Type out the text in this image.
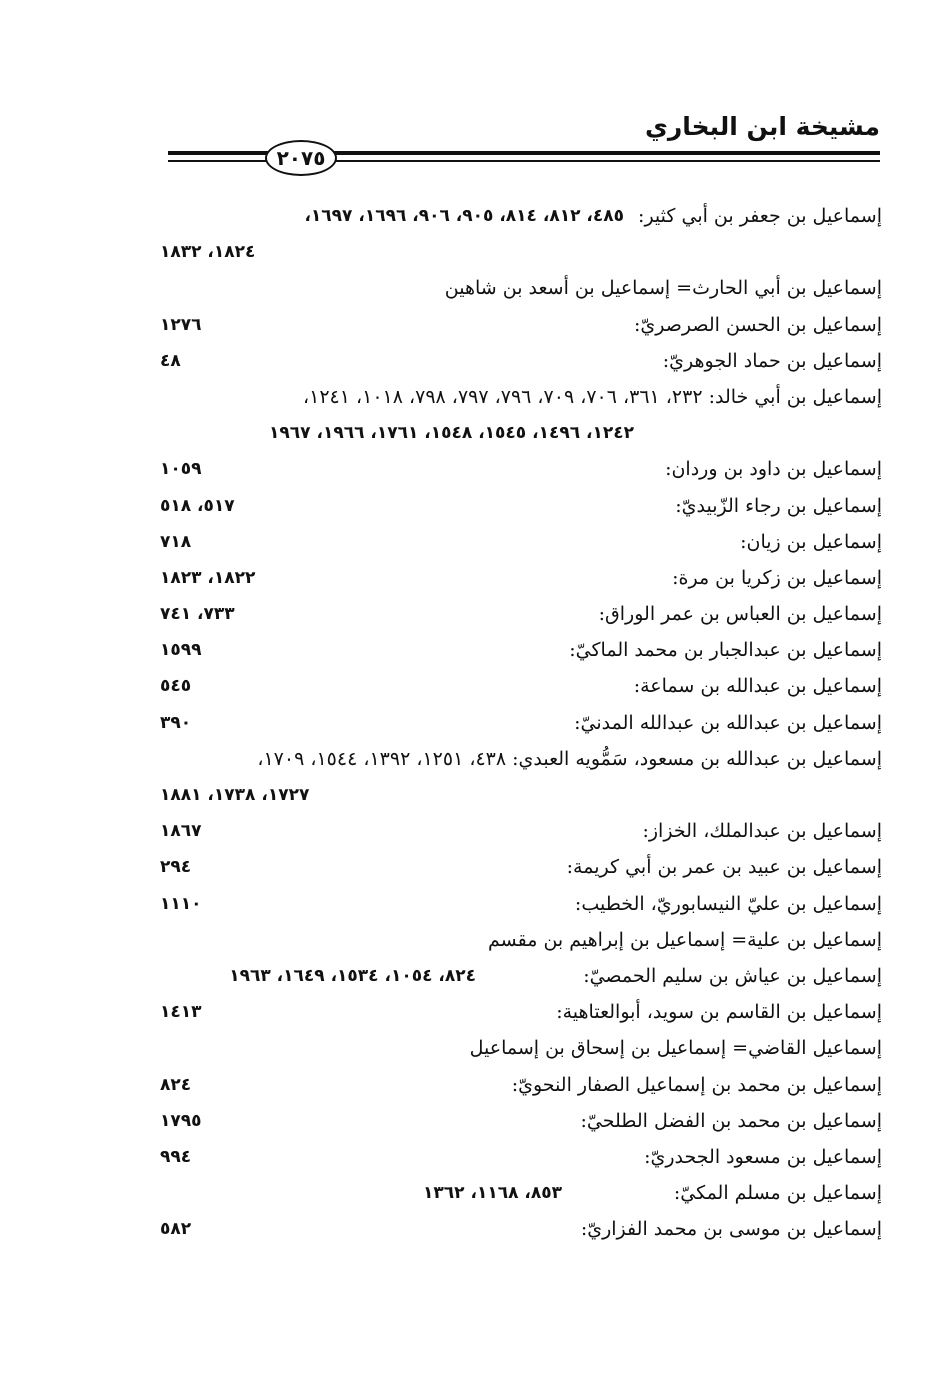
مشيخة ابن البخاري
٢٠٧٥
إسماعيل بن جعفر بن أبي كثير:
٤٨٥، ٨١٢، ٨١٤، ٩٠٥، ٩٠٦، ١٦٩٦، ١٦٩٧،
١٨٢٤، ١٨٣٢
إسماعيل بن أبي الحارث= إسماعيل بن أسعد بن شاهين
إسماعيل بن الحسن الصرصريّ:
١٢٧٦
إسماعيل بن حماد الجوهريّ:
٤٨
إسماعيل بن أبي خالد: ٢٣٢، ٣٦١، ٧٠٦، ٧٠٩، ٧٩٦، ٧٩٧، ٧٩٨، ١٠١٨، ١٢٤١،
١٢٤٢، ١٤٩٦، ١٥٤٥، ١٥٤٨، ١٧٦١، ١٩٦٦، ١٩٦٧
إسماعيل بن داود بن وردان:
١٠٥٩
إسماعيل بن رجاء الزّبيديّ:
٥١٧، ٥١٨
إسماعيل بن زيان:
٧١٨
إسماعيل بن زكريا بن مرة:
١٨٢٢، ١٨٢٣
إسماعيل بن العباس بن عمر الوراق:
٧٣٣، ٧٤١
إسماعيل بن عبدالجبار بن محمد الماكيّ:
١٥٩٩
إسماعيل بن عبدالله بن سماعة:
٥٤٥
إسماعيل بن عبدالله بن عبدالله المدنيّ:
٣٩٠
إسماعيل بن عبدالله بن مسعود، سَمُّويه العبدي: ٤٣٨، ١٢٥١، ١٣٩٢، ١٥٤٤، ١٧٠٩،
١٧٢٧، ١٧٣٨، ١٨٨١
إسماعيل بن عبدالملك، الخزاز:
١٨٦٧
إسماعيل بن عبيد بن عمر بن أبي كريمة:
٢٩٤
إسماعيل بن عليّ النيسابوريّ، الخطيب:
١١١٠
إسماعيل بن علية= إسماعيل بن إبراهيم بن مقسم
إسماعيل بن عياش بن سليم الحمصيّ:
٨٢٤، ١٠٥٤، ١٥٣٤، ١٦٤٩، ١٩٦٣
إسماعيل بن القاسم بن سويد، أبوالعتاهية:
١٤١٣
إسماعيل القاضي= إسماعيل بن إسحاق بن إسماعيل
إسماعيل بن محمد بن إسماعيل الصفار النحويّ:
٨٢٤
إسماعيل بن محمد بن الفضل الطلحيّ:
١٧٩٥
إسماعيل بن مسعود الجحدريّ:
٩٩٤
إسماعيل بن مسلم المكيّ:
٨٥٣، ١١٦٨، ١٣٦٢
إسماعيل بن موسى بن محمد الفزاريّ:
٥٨٢
